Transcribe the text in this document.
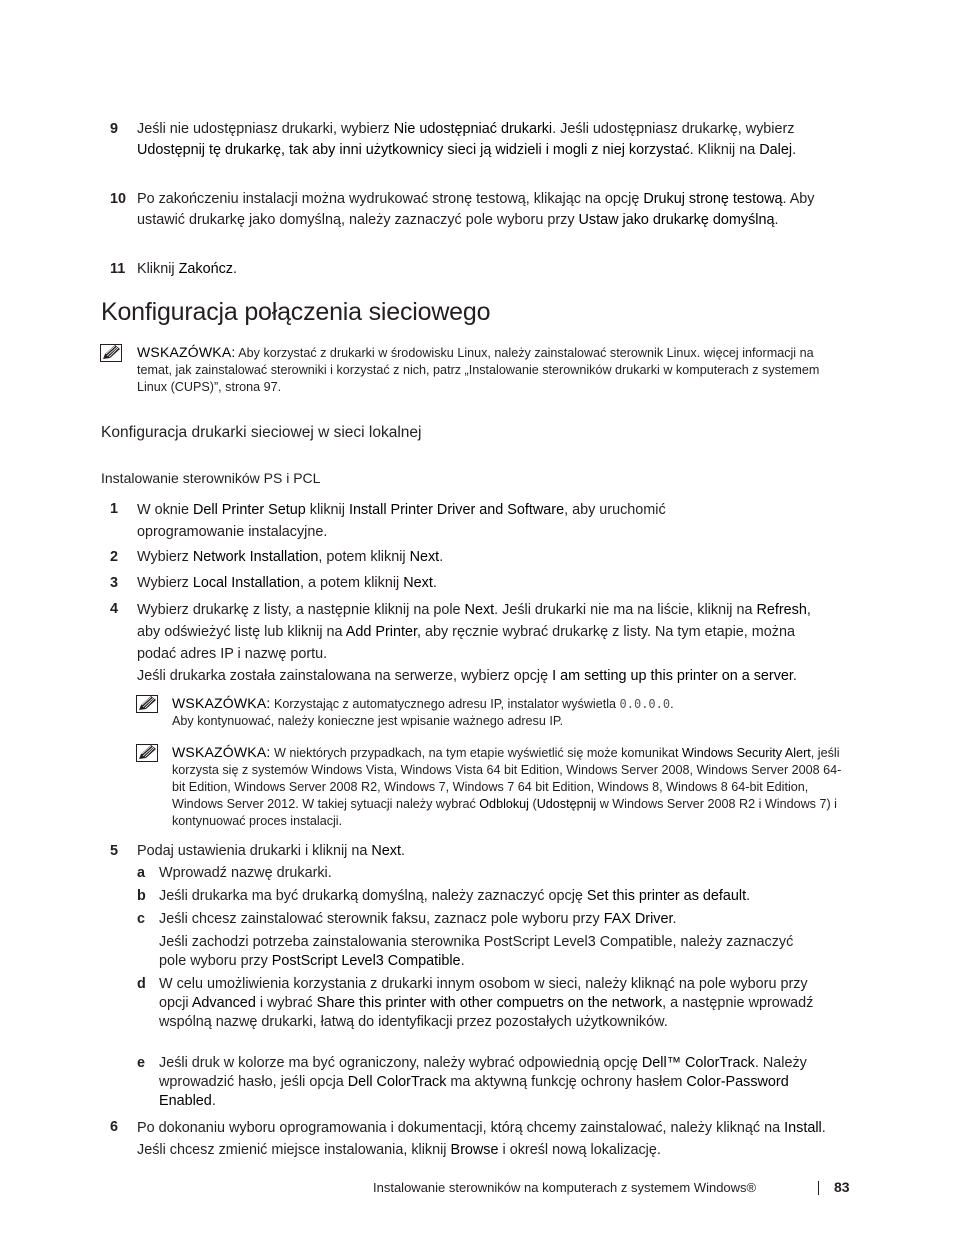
9 Jeśli nie udostępniasz drukarki, wybierz Nie udostępniać drukarki. Jeśli udostępniasz drukarkę, wybierz Udostępnij tę drukarkę, tak aby inni użytkownicy sieci ją widzieli i mogli z niej korzystać. Kliknij na Dalej.
10 Po zakończeniu instalacji można wydrukować stronę testową, klikając na opcję Drukuj stronę testową. Aby ustawić drukarkę jako domyślną, należy zaznaczyć pole wyboru przy Ustaw jako drukarkę domyślną.
11 Kliknij Zakończ.
Konfiguracja połączenia sieciowego
WSKAZÓWKA: Aby korzystać z drukarki w środowisku Linux, należy zainstalować sterownik Linux. więcej informacji na temat, jak zainstalować sterowniki i korzystać z nich, patrz „Instalowanie sterowników drukarki w komputerach z systemem Linux (CUPS)”, strona 97.
Konfiguracja drukarki sieciowej w sieci lokalnej
Instalowanie sterowników PS i PCL
1 W oknie Dell Printer Setup kliknij Install Printer Driver and Software, aby uruchomić oprogramowanie instalacyjne.
2 Wybierz Network Installation, potem kliknij Next.
3 Wybierz Local Installation, a potem kliknij Next.
4 Wybierz drukarkę z listy, a następnie kliknij na pole Next. Jeśli drukarki nie ma na liście, kliknij na Refresh, aby odświeżyć listę lub kliknij na Add Printer, aby ręcznie wybrać drukarkę z listy. Na tym etapie, można podać adres IP i nazwę portu.
Jeśli drukarka została zainstalowana na serwerze, wybierz opcję I am setting up this printer on a server.
WSKAZÓWKA: Korzystając z automatycznego adresu IP, instalator wyświetla 0.0.0.0.
Aby kontynuować, należy konieczne jest wpisanie ważnego adresu IP.
WSKAZÓWKA: W niektórych przypadkach, na tym etapie wyświetlić się może komunikat Windows Security Alert, jeśli korzysta się z systemów Windows Vista, Windows Vista 64 bit Edition, Windows Server 2008, Windows Server 2008 64-bit Edition, Windows Server 2008 R2, Windows 7, Windows 7 64 bit Edition, Windows 8, Windows 8 64-bit Edition, Windows Server 2012. W takiej sytuacji należy wybrać Odblokuj (Udostępnij w Windows Server 2008 R2 i Windows 7) i kontynuować proces instalacji.
5 Podaj ustawienia drukarki i kliknij na Next.
a Wprowadź nazwę drukarki.
b Jeśli drukarka ma być drukarką domyślną, należy zaznaczyć opcję Set this printer as default.
c Jeśli chcesz zainstalować sterownik faksu, zaznacz pole wyboru przy FAX Driver.
Jeśli zachodzi potrzeba zainstalowania sterownika PostScript Level3 Compatible, należy zaznaczyć pole wyboru przy PostScript Level3 Compatible.
d W celu umożliwienia korzystania z drukarki innym osobom w sieci, należy kliknąć na pole wyboru przy opcji Advanced i wybrać Share this printer with other compuetrs on the network, a następnie wprowadź wspólną nazwę drukarki, łatwą do identyfikacji przez pozostałych użytkowników.
e Jeśli druk w kolorze ma być ograniczony, należy wybrać odpowiednią opcję Dell™ ColorTrack. Należy wprowadzić hasło, jeśli opcja Dell ColorTrack ma aktywną funkcję ochrony hasłem Color-Password Enabled.
6 Po dokonaniu wyboru oprogramowania i dokumentacji, którą chcemy zainstalować, należy kliknąć na Install. Jeśli chcesz zmienić miejsce instalowania, kliknij Browse i określ nową lokalizację.
Instalowanie sterowników na komputerach z systemem Windows®	83
